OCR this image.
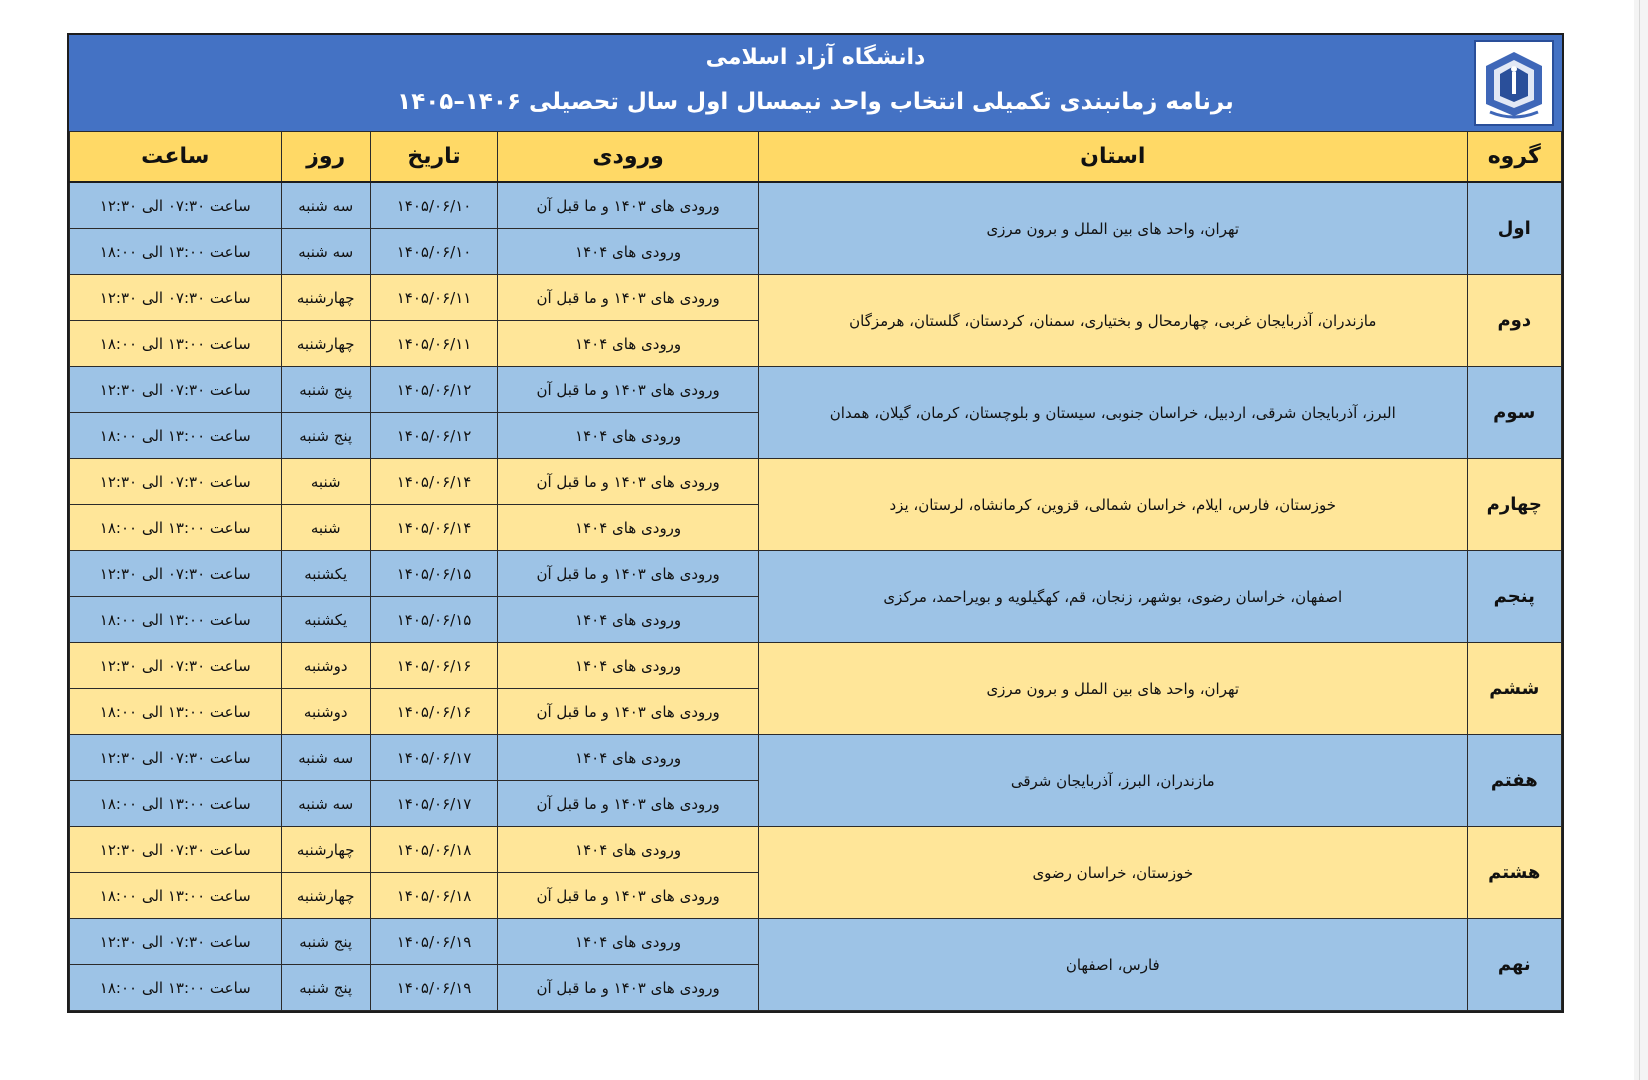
دانشگاه آزاد اسلامی
برنامه زمانبندی تکمیلی انتخاب واحد نیمسال اول سال تحصیلی ۱۴۰۶–۱۴۰۵
گروه	استان	ورودی	تاریخ	روز	ساعت
اول	تهران، واحد های بین الملل و برون مرزی	ورودی های ۱۴۰۳ و ما قبل آن	۱۴۰۵/۰۶/۱۰	سه شنبه	ساعت ۰۷:۳۰ الی ۱۲:۳۰
		ورودی های ۱۴۰۴	۱۴۰۵/۰۶/۱۰	سه شنبه	ساعت ۱۳:۰۰ الی ۱۸:۰۰
دوم	مازندران، آذربایجان غربی، چهارمحال و بختیاری، سمنان، کردستان، گلستان، هرمزگان	ورودی های ۱۴۰۳ و ما قبل آن	۱۴۰۵/۰۶/۱۱	چهارشنبه	ساعت ۰۷:۳۰ الی ۱۲:۳۰
		ورودی های ۱۴۰۴	۱۴۰۵/۰۶/۱۱	چهارشنبه	ساعت ۱۳:۰۰ الی ۱۸:۰۰
سوم	البرز، آذربایجان شرقی، اردبیل، خراسان جنوبی، سیستان و بلوچستان، کرمان، گیلان، همدان	ورودی های ۱۴۰۳ و ما قبل آن	۱۴۰۵/۰۶/۱۲	پنج شنبه	ساعت ۰۷:۳۰ الی ۱۲:۳۰
		ورودی های ۱۴۰۴	۱۴۰۵/۰۶/۱۲	پنج شنبه	ساعت ۱۳:۰۰ الی ۱۸:۰۰
چهارم	خوزستان، فارس، ایلام، خراسان شمالی، قزوین، کرمانشاه، لرستان، یزد	ورودی های ۱۴۰۳ و ما قبل آن	۱۴۰۵/۰۶/۱۴	شنبه	ساعت ۰۷:۳۰ الی ۱۲:۳۰
		ورودی های ۱۴۰۴	۱۴۰۵/۰۶/۱۴	شنبه	ساعت ۱۳:۰۰ الی ۱۸:۰۰
پنجم	اصفهان، خراسان رضوی، بوشهر، زنجان، قم، کهگیلویه و بویراحمد، مرکزی	ورودی های ۱۴۰۳ و ما قبل آن	۱۴۰۵/۰۶/۱۵	یکشنبه	ساعت ۰۷:۳۰ الی ۱۲:۳۰
		ورودی های ۱۴۰۴	۱۴۰۵/۰۶/۱۵	یکشنبه	ساعت ۱۳:۰۰ الی ۱۸:۰۰
ششم	تهران، واحد های بین الملل و برون مرزی	ورودی های ۱۴۰۴	۱۴۰۵/۰۶/۱۶	دوشنبه	ساعت ۰۷:۳۰ الی ۱۲:۳۰
		ورودی های ۱۴۰۳ و ما قبل آن	۱۴۰۵/۰۶/۱۶	دوشنبه	ساعت ۱۳:۰۰ الی ۱۸:۰۰
هفتم	مازندران، البرز، آذربایجان شرقی	ورودی های ۱۴۰۴	۱۴۰۵/۰۶/۱۷	سه شنبه	ساعت ۰۷:۳۰ الی ۱۲:۳۰
		ورودی های ۱۴۰۳ و ما قبل آن	۱۴۰۵/۰۶/۱۷	سه شنبه	ساعت ۱۳:۰۰ الی ۱۸:۰۰
هشتم	خوزستان، خراسان رضوی	ورودی های ۱۴۰۴	۱۴۰۵/۰۶/۱۸	چهارشنبه	ساعت ۰۷:۳۰ الی ۱۲:۳۰
		ورودی های ۱۴۰۳ و ما قبل آن	۱۴۰۵/۰۶/۱۸	چهارشنبه	ساعت ۱۳:۰۰ الی ۱۸:۰۰
نهم	فارس، اصفهان	ورودی های ۱۴۰۴	۱۴۰۵/۰۶/۱۹	پنج شنبه	ساعت ۰۷:۳۰ الی ۱۲:۳۰
		ورودی های ۱۴۰۳ و ما قبل آن	۱۴۰۵/۰۶/۱۹	پنج شنبه	ساعت ۱۳:۰۰ الی ۱۸:۰۰
